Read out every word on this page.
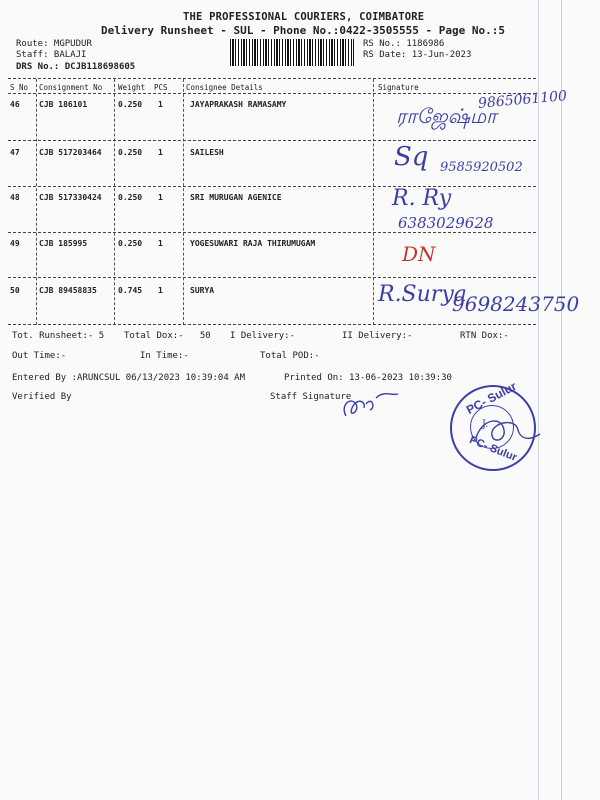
THE PROFESSIONAL COURIERS, COIMBATORE
Delivery Runsheet - SUL - Phone No.:0422-3505555 - Page No.:5
Route: MGPUDUR
Staff: BALAJI
DRS No.: DCJB118698605
RS No.: 1186986
RS Date: 13-Jun-2023
S No Consignment No Weight PCS Consignee Details	Signature
46 CJB 186101	0.250 1	JAYAPRAKASH RAMASAMY	ராஜேஷ்மா
9865061100
47 CJB 517203464 0.250 1	SAILESH	Sq 9585920502
48 CJB 517330424 0.250 1	SRI MURUGAN AGENICE	R. Ry
6383029628
49 CJB 185995	0.250 1	YOGESUWARI RAJA THIRUMUGAM	DN
50 CJB 89458835	0.745 1	SURYA	R.Surya
9698243750
Tot. Runsheet:- 5 Total Dox:-   50 I Delivery:-	II Delivery:-	RTN Dox:-
Out Time:-	In Time:-	Total POD:-
Entered By :ARUNCSUL 06/13/2023 10:39:04 AM	Printed On: 13-06-2023 10:39:30
Verified By	Staff Signature	PC- Sulur
PC- Sulur
J.
